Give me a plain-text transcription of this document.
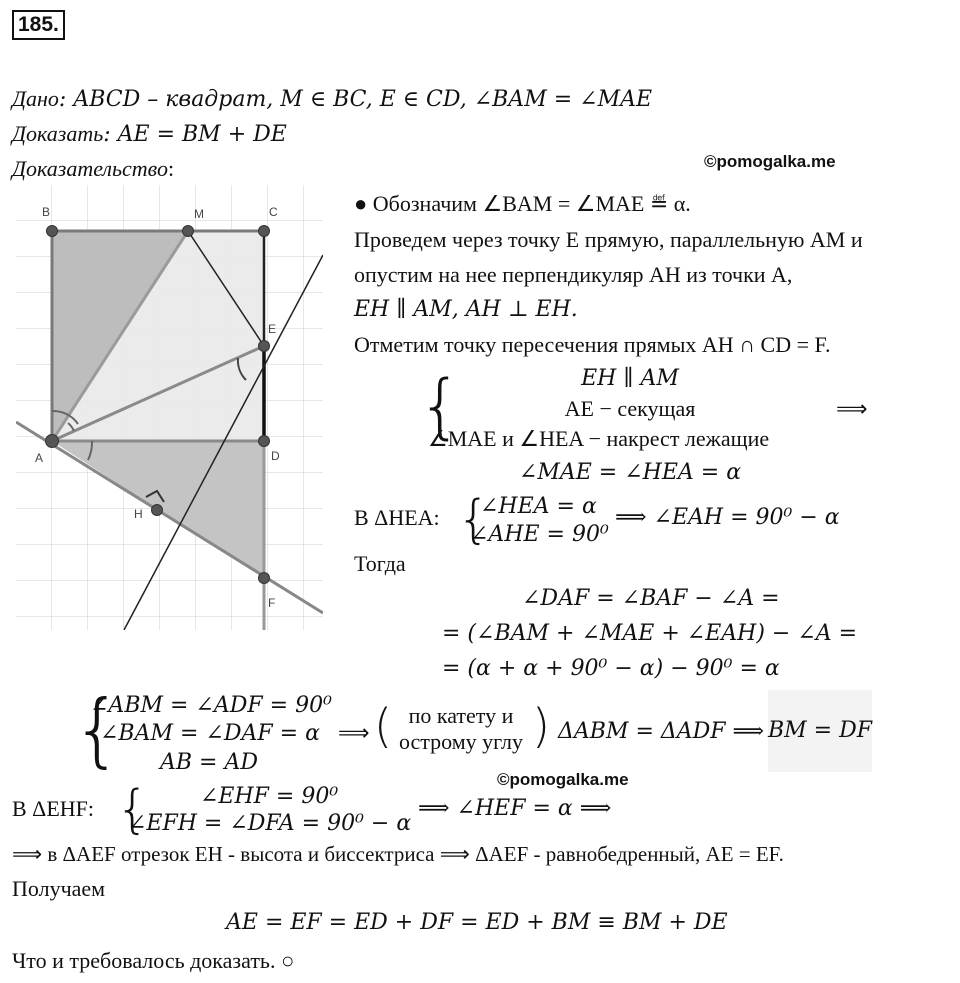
185.
Дано: ABCD – квадрат, M ∈ BC, E ∈ CD, ∠BAM = ∠MAE
Доказать: AE = BM + DE
Доказательство:	©pomogalka.me
B	M	C
E
A	D
H
F
● Обозначим ∠BAM = ∠MAE ≝ α.
Проведем через точку E прямую, параллельную AM и
опустим на нее перпендикуляр AH из точки A,
EH ∥ AM, AH ⊥ EH.
Отметим точку пересечения прямых AH ∩ CD = F.
{	EH ∥ AM
AE − секущая
∠MAE и ∠HEA − накрест лежащие
⟹
∠MAE = ∠HEA = α
В ΔHEA: {
∠HEA = α
∠AHE = 90⁰
⟹ ∠EAH = 90⁰ − α
Тогда
∠DAF = ∠BAF − ∠A =
= (∠BAM + ∠MAE + ∠EAH) − ∠A =
= (α + α + 90⁰ − α) − 90⁰ = α
{
∠ABM = ∠ADF = 90⁰
∠BAM = ∠DAF = α
AB = AD
⟹ ( по катету и
острому углу ) ΔABM = ΔADF ⟹ BM = DF
©pomogalka.me
В ΔEHF: { ∠EHF = 90⁰
∠EFH = ∠DFA = 90⁰ − α
⟹ ∠HEF = α ⟹
⟹ в ΔAEF отрезок EH - высота и биссектриса ⟹ ΔAEF - равнобедренный, AE = EF.
Получаем
AE = EF = ED + DF = ED + BM ≡ BM + DE
Что и требовалось доказать. ○
